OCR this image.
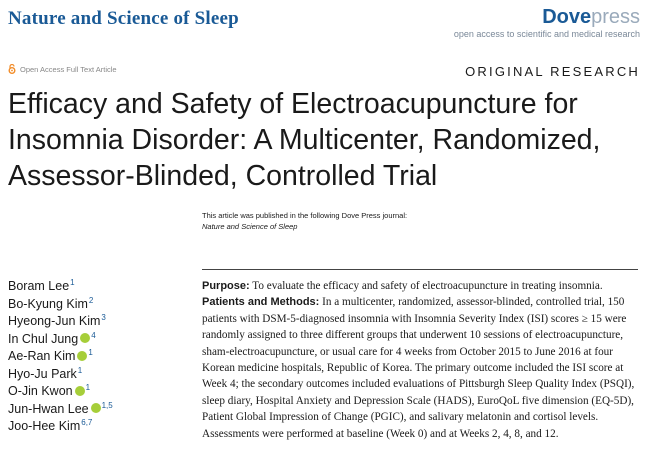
Nature and Science of Sleep	Dovepress
open access to scientific and medical research
Open Access Full Text Article	ORIGINAL RESEARCH
Efficacy and Safety of Electroacupuncture for Insomnia Disorder: A Multicenter, Randomized, Assessor-Blinded, Controlled Trial
This article was published in the following Dove Press journal:
Nature and Science of Sleep
Boram Lee$^1$
Bo-Kyung Kim$^2$
Hyeong-Jun Kim$^3$
In Chul Jung $^4$
Ae-Ran Kim $^1$
Hyo-Ju Park$^1$
O-Jin Kwon $^1$
Jun-Hwan Lee $^{1,5}$
Joo-Hee Kim$^{6,7}$

Purpose: To evaluate the efficacy and safety of electroacupuncture in treating insomnia.

Patients and Methods: In a multicenter, randomized, assessor-blinded, controlled trial, 150 patients with DSM-5-diagnosed insomnia with Insomnia Severity Index (ISI) scores ≥ 15 were randomly assigned to three different groups that underwent 10 sessions of electroacupuncture, sham-electroacupuncture, or usual care for 4 weeks from October 2015 to June 2016 at four Korean medicine hospitals, Republic of Korea. The primary outcome included the ISI score at Week 4; the secondary outcomes included evaluations of Pittsburgh Sleep Quality Index (PSQI), sleep diary, Hospital Anxiety and Depression Scale (HADS), EuroQoL five dimension (EQ-5D), Patient Global Impression of Change (PGIC), and salivary melatonin and cortisol levels. Assessments were performed at baseline (Week 0) and at Weeks 2, 4, 8, and 12.
